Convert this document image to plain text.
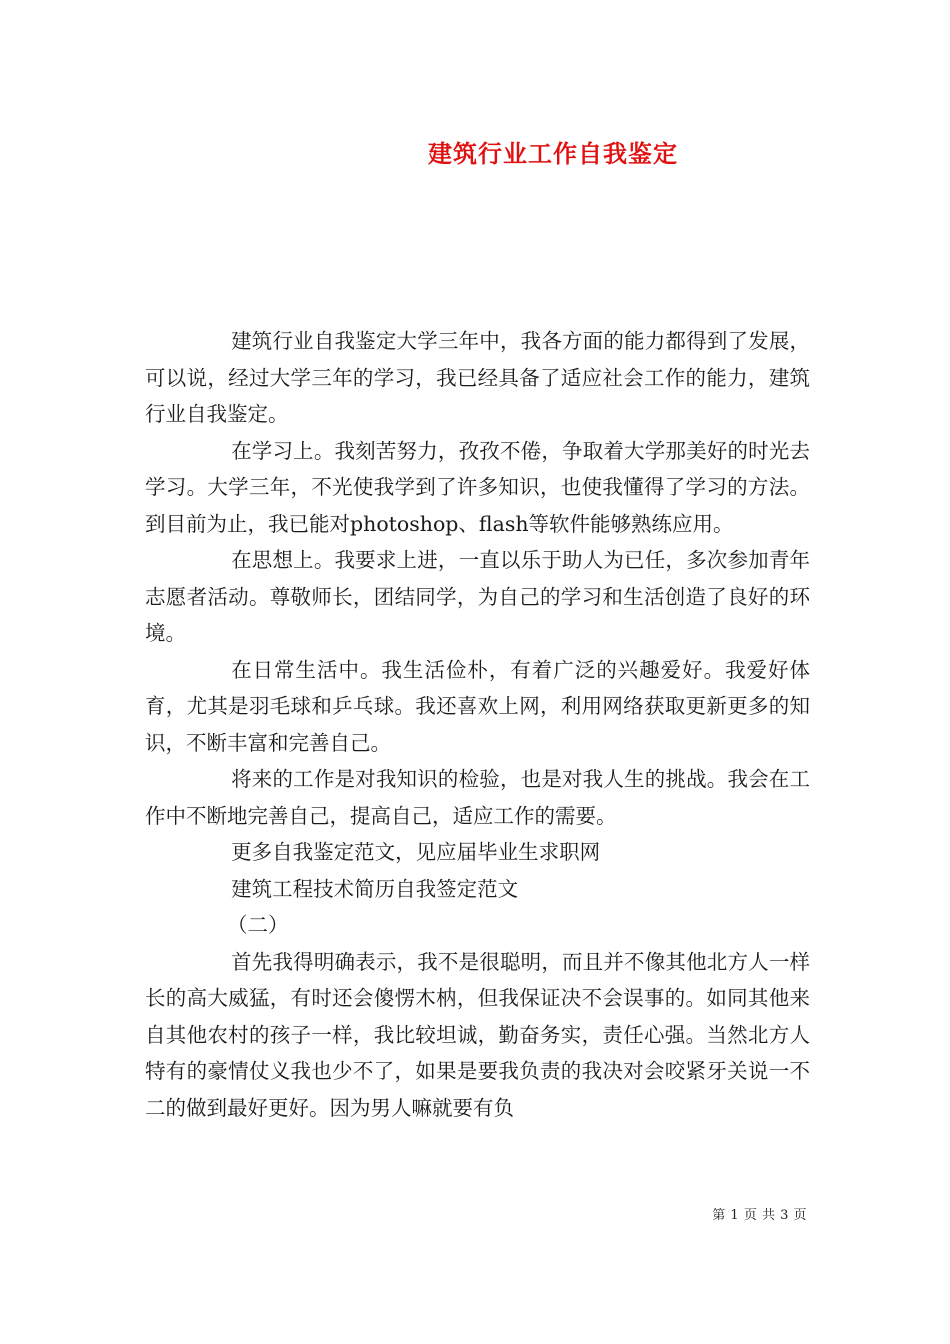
建筑行业工作自我鉴定

建筑行业自我鉴定大学三年中，我各方面的能力都得到了发展，可以说，经过大学三年的学习，我已经具备了适应社会工作的能力，建筑行业自我鉴定。

在学习上。我刻苦努力，孜孜不倦，争取着大学那美好的时光去学习。大学三年，不光使我学到了许多知识，也使我懂得了学习的方法。到目前为止，我已能对photoshop、flash等软件能够熟练应用。

在思想上。我要求上进，一直以乐于助人为已任，多次参加青年志愿者活动。尊敬师长，团结同学，为自己的学习和生活创造了良好的环境。

在日常生活中。我生活俭朴，有着广泛的兴趣爱好。我爱好体育，尤其是羽毛球和乒乓球。我还喜欢上网，利用网络获取更新更多的知识，不断丰富和完善自己。

将来的工作是对我知识的检验，也是对我人生的挑战。我会在工作中不断地完善自己，提高自己，适应工作的需要。

更多自我鉴定范文，见应届毕业生求职网

建筑工程技术简历自我签定范文

（二）

首先我得明确表示，我不是很聪明，而且并不像其他北方人一样长的高大威猛，有时还会傻愣木枘，但我保证决不会误事的。如同其他来自其他农村的孩子一样，我比较坦诚，勤奋务实，责任心强。当然北方人特有的豪情仗义我也少不了，如果是要我负责的我决对会咬紧牙关说一不二的做到最好更好。因为男人嘛就要有负

第 1 页 共 3 页
